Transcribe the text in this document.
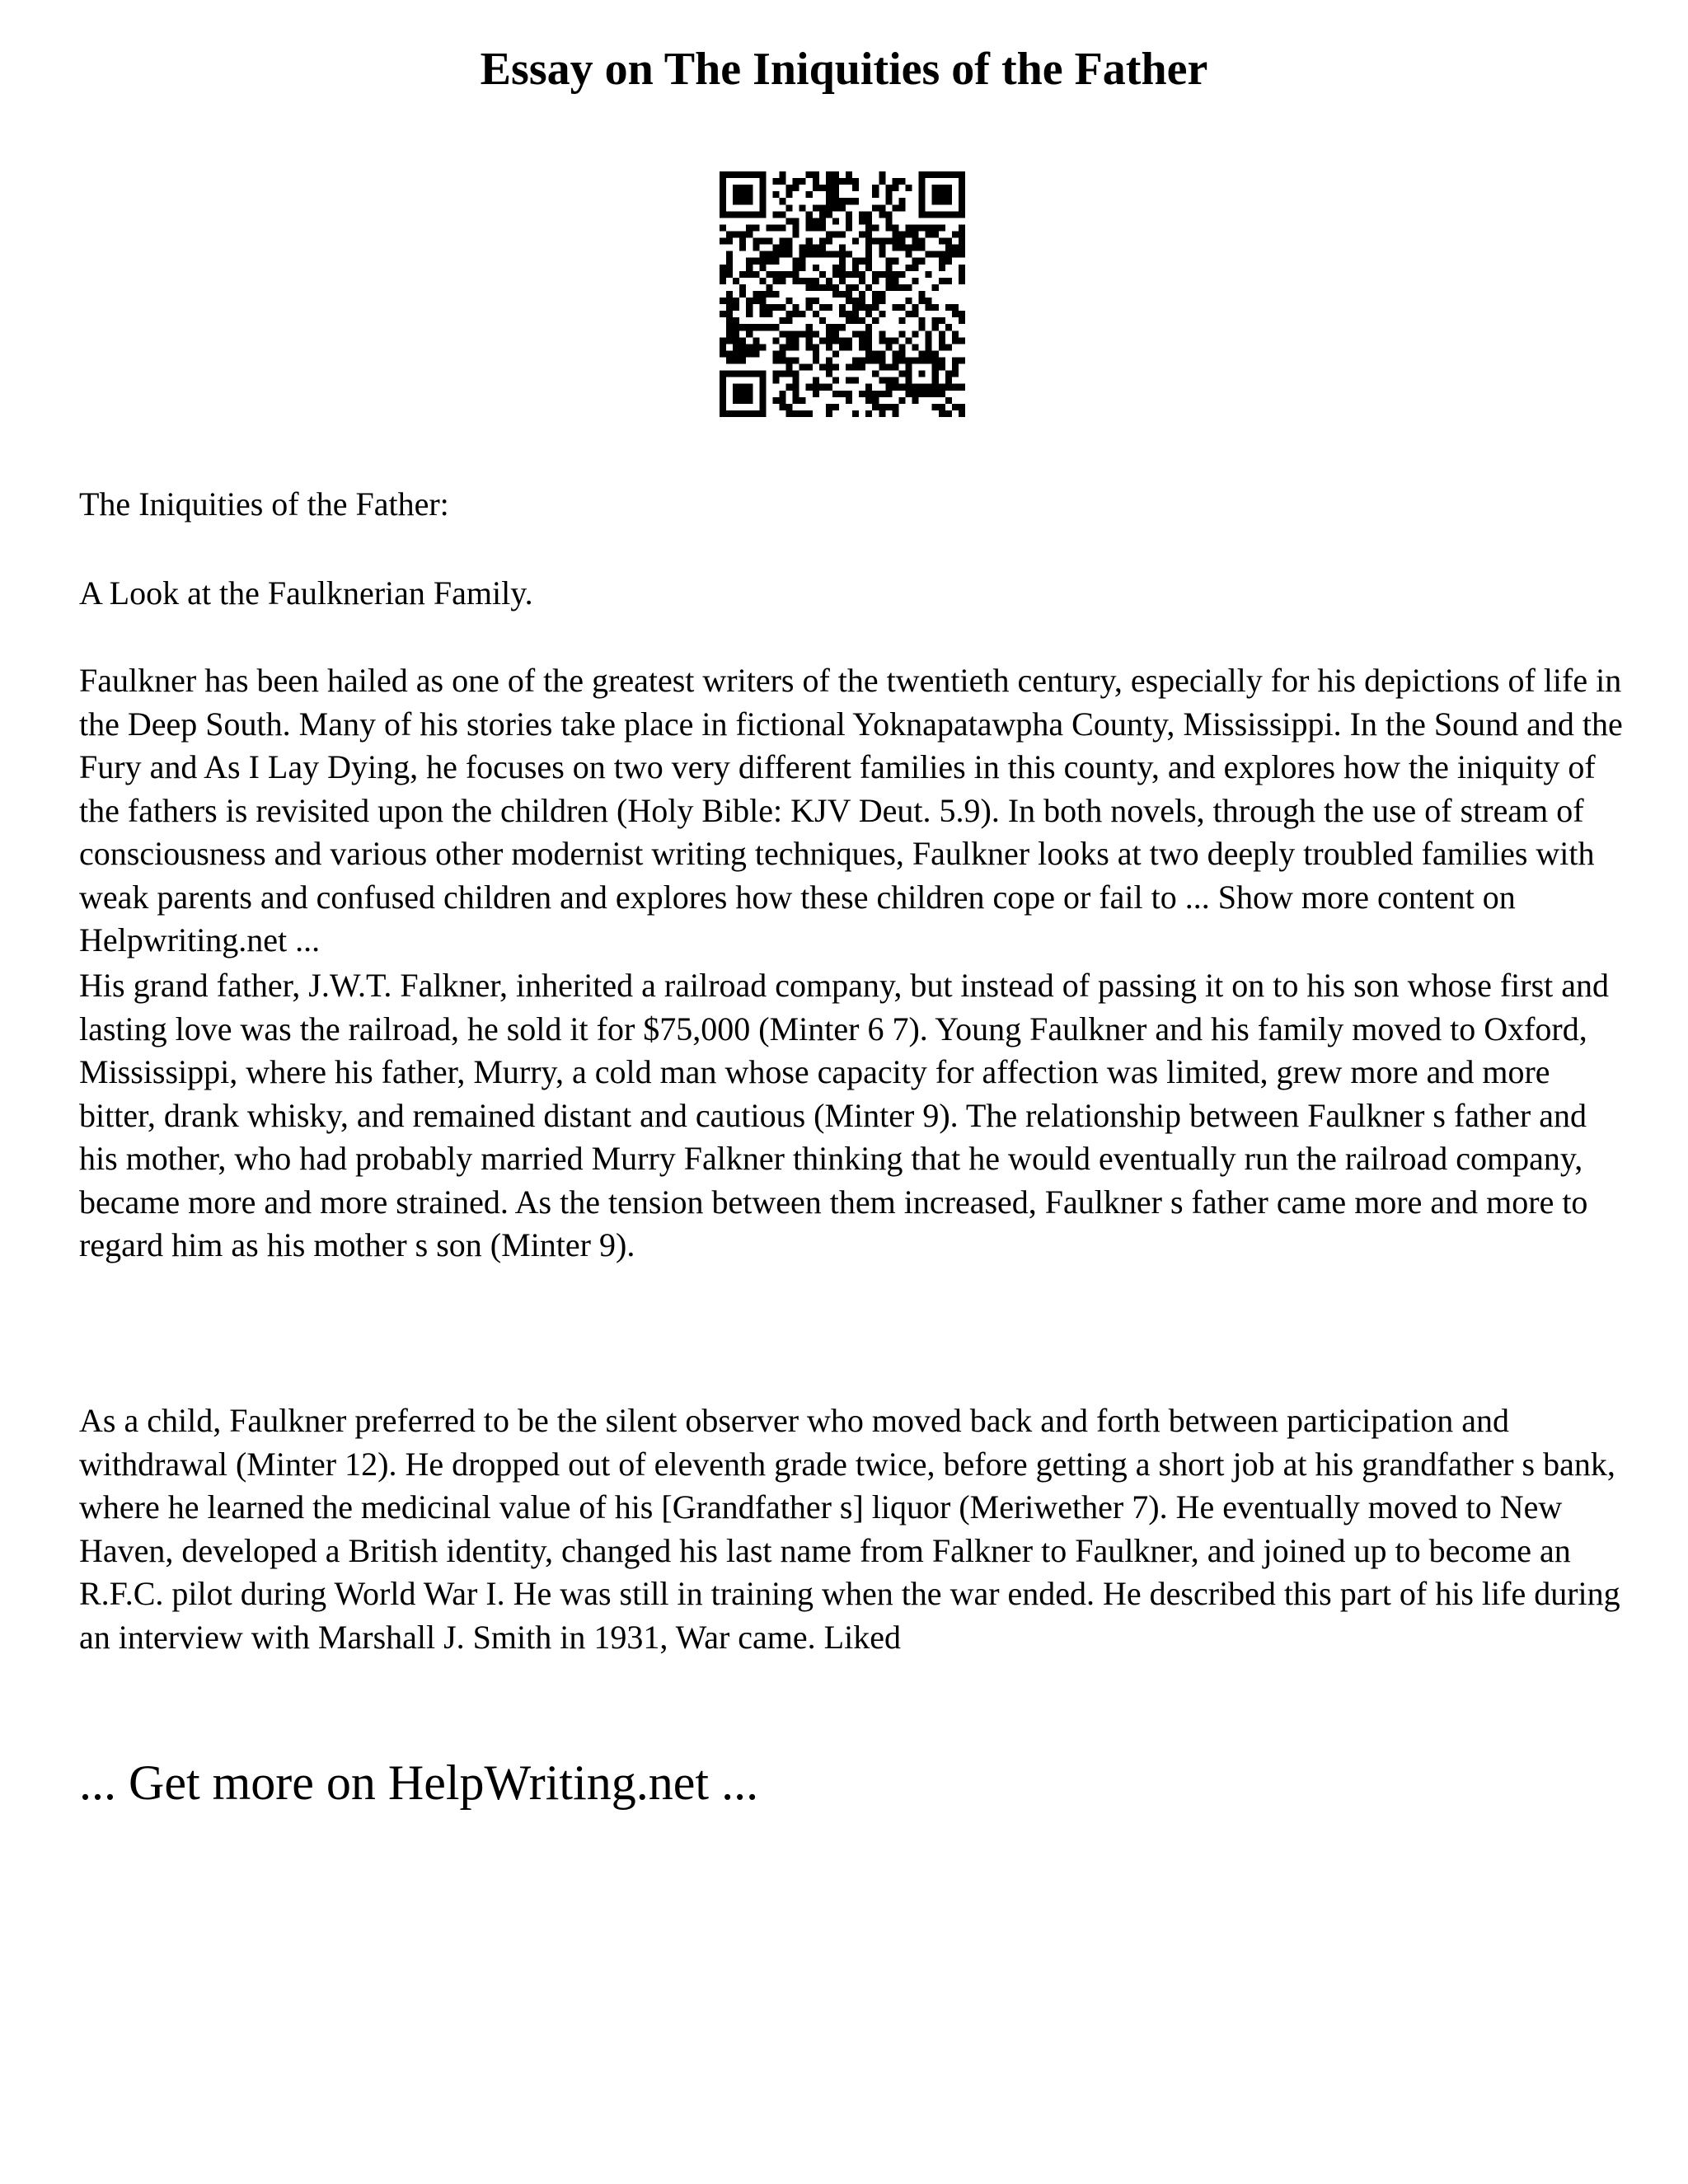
Essay on The Iniquities of the Father

The Iniquities of the Father:

A Look at the Faulknerian Family.

Faulkner has been hailed as one of the greatest writers of the twentieth century, especially for his depictions of life in the Deep South. Many of his stories take place in fictional Yoknapatawpha County, Mississippi. In the Sound and the Fury and As I Lay Dying, he focuses on two very different families in this county, and explores how the iniquity of the fathers is revisited upon the children (Holy Bible: KJV Deut. 5.9). In both novels, through the use of stream of consciousness and various other modernist writing techniques, Faulkner looks at two deeply troubled families with weak parents and confused children and explores how these children cope or fail to ... Show more content on Helpwriting.net ...

His grand father, J.W.T. Falkner, inherited a railroad company, but instead of passing it on to his son whose first and lasting love was the railroad, he sold it for $75,000 (Minter 6 7). Young Faulkner and his family moved to Oxford, Mississippi, where his father, Murry, a cold man whose capacity for affection was limited, grew more and more bitter, drank whisky, and remained distant and cautious (Minter 9). The relationship between Faulkner s father and his mother, who had probably married Murry Falkner thinking that he would eventually run the railroad company, became more and more strained. As the tension between them increased, Faulkner s father came more and more to regard him as his mother s son (Minter 9).

As a child, Faulkner preferred to be the silent observer who moved back and forth between participation and withdrawal (Minter 12). He dropped out of eleventh grade twice, before getting a short job at his grandfather s bank, where he learned the medicinal value of his [Grandfather s] liquor (Meriwether 7). He eventually moved to New Haven, developed a British identity, changed his last name from Falkner to Faulkner, and joined up to become an R.F.C. pilot during World War I. He was still in training when the war ended. He described this part of his life during an interview with Marshall J. Smith in 1931, War came. Liked

... Get more on HelpWriting.net ...
